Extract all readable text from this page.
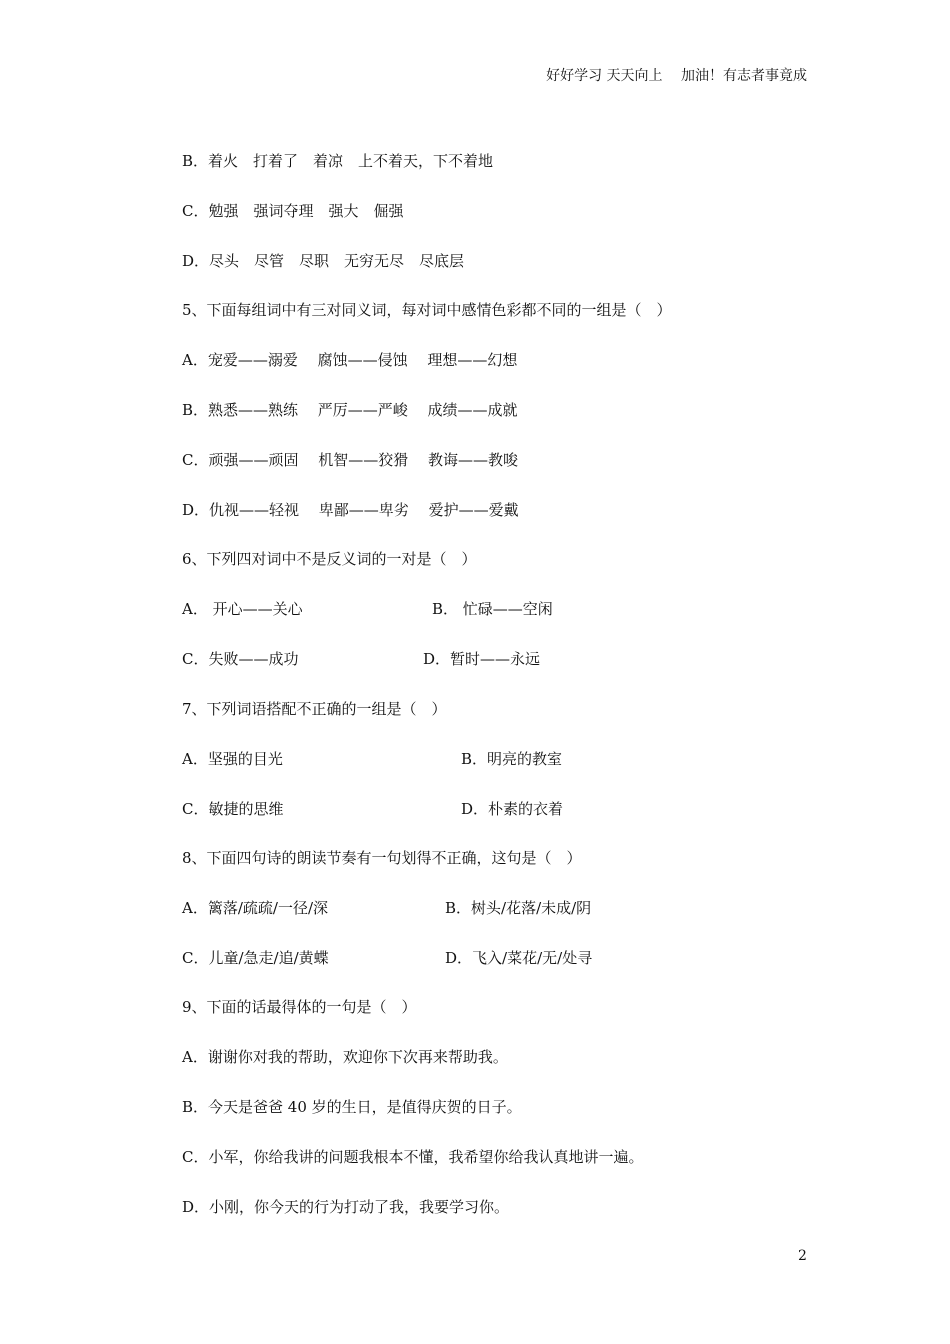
好好学习 天天向上　 加油！有志者事竟成
B．着火　打着了　着凉　上不着天，下不着地
C．勉强　强词夺理　强大　倔强
D．尽头　尽管　尽职　无穷无尽　尽底层
5、下面每组词中有三对同义词，每对词中感情色彩都不同的一组是（　）
A．宠爱——溺爱　 腐蚀——侵蚀　 理想——幻想
B．熟悉——熟练　 严厉——严峻　 成绩——成就
C．顽强——顽固　 机智——狡猾　 教诲——教唆
D．仇视——轻视　 卑鄙——卑劣　 爱护——爱戴
6、下列四对词中不是反义词的一对是（　）
A． 开心——关心	B． 忙碌——空闲
C．失败——成功	D．暂时——永远
7、下列词语搭配不正确的一组是（　）
A．坚强的目光	B．明亮的教室
C．敏捷的思维	D．朴素的衣着
8、下面四句诗的朗读节奏有一句划得不正确，这句是（　）
A．篱落/疏疏/一径/深	B．树头/花落/未成/阴
C．儿童/急走/追/黄蝶	D．飞入/菜花/无/处寻
9、下面的话最得体的一句是（　）
A．谢谢你对我的帮助，欢迎你下次再来帮助我。
B．今天是爸爸 40 岁的生日，是值得庆贺的日子。
C．小军，你给我讲的问题我根本不懂，我希望你给我认真地讲一遍。
D．小刚，你今天的行为打动了我，我要学习你。
2
